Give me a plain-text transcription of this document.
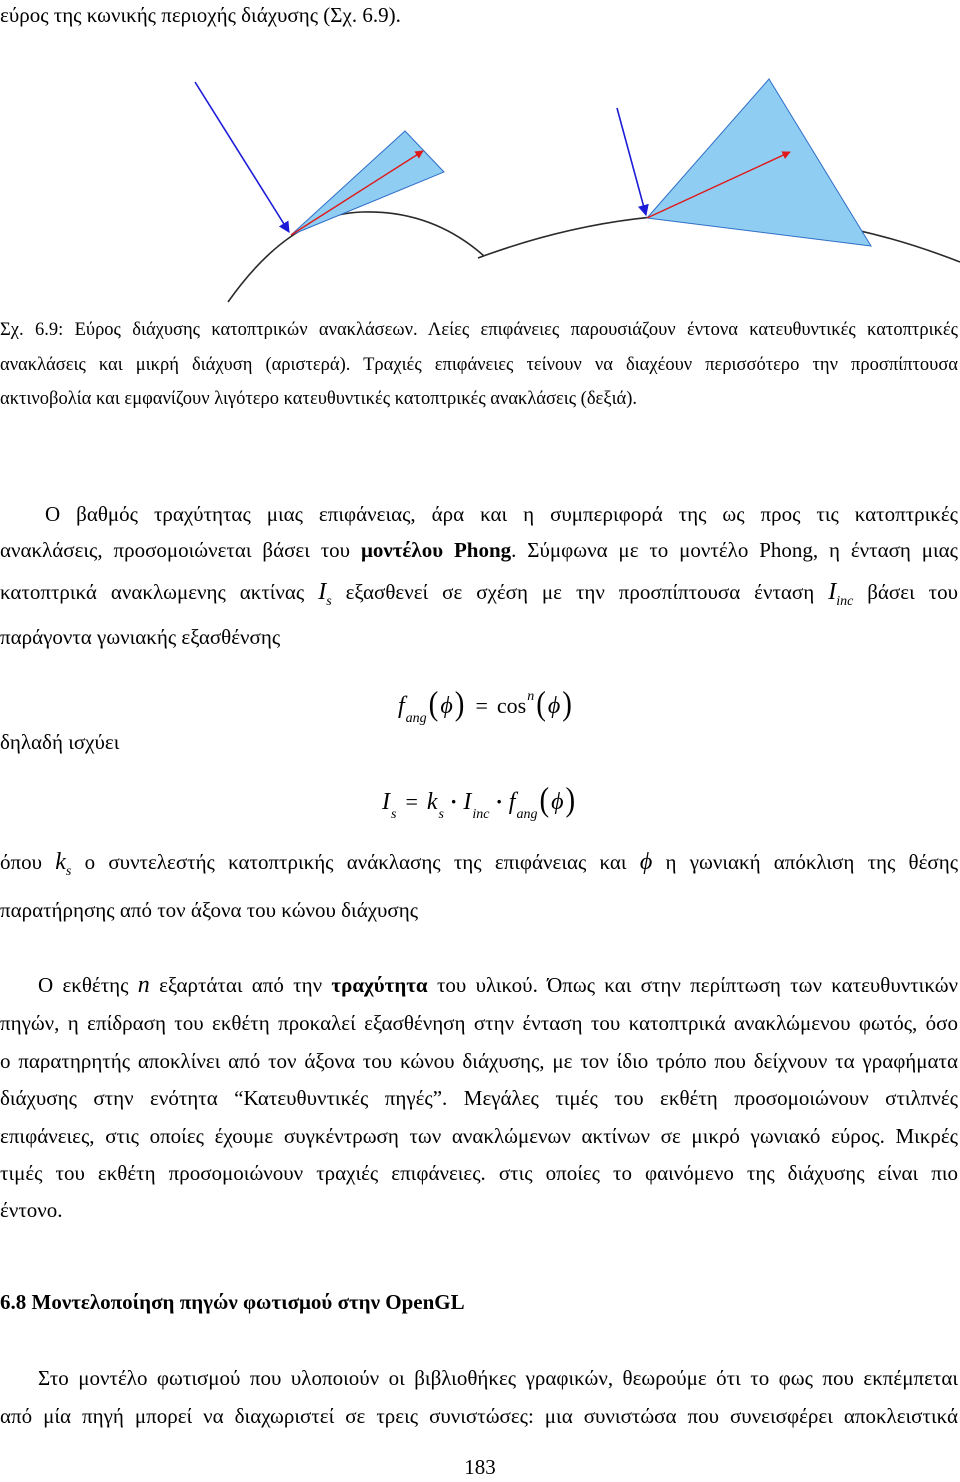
εύρος της κωνικής περιοχής διάχυσης (Σχ. 6.9).
Σχ. 6.9: Εύρος διάχυσης κατοπτρικών ανακλάσεων. Λείες επιφάνειες παρουσιάζουν έντονα κατευθυντικές κατοπτρικές
ανακλάσεις και μικρή διάχυση (αριστερά). Τραχιές επιφάνειες τείνουν να διαχέουν περισσότερο την προσπίπτουσα
ακτινοβολία και εμφανίζουν λιγότερο κατευθυντικές κατοπτρικές ανακλάσεις (δεξιά).
Ο βαθμός τραχύτητας μιας επιφάνειας, άρα και η συμπεριφορά της ως προς τις κατοπτρικές
ανακλάσεις, προσομοιώνεται βάσει του μοντέλου Phong. Σύμφωνα με το μοντέλο Phong, η ένταση μιας
κατοπτρικά ανακλωμενης ακτίνας $I_s$ εξασθενεί σε σχέση με την προσπίπτουσα ένταση $I_{inc}$ βάσει του
παράγοντα γωνιακής εξασθένσης
$f_{ang}(\phi) = \cos^n(\phi)$
δηλαδή ισχύει
$I_s= k_s\cdot I_{inc}\cdot f_{ang}(\phi)$
όπου $k_s$ ο συντελεστής κατοπτρικής ανάκλασης της επιφάνειας και ϕ η γωνιακή απόκλιση της θέσης
παρατήρησης από τον άξονα του κώνου διάχυσης
Ο εκθέτης n εξαρτάται από την τραχύτητα του υλικού. Όπως και στην περίπτωση των κατευθυντικών
πηγών, η επίδραση του εκθέτη προκαλεί εξασθένηση στην ένταση του κατοπτρικά ανακλώμενου φωτός, όσο
ο παρατηρητής αποκλίνει από τον άξονα του κώνου διάχυσης, με τον ίδιο τρόπο που δείχνουν τα γραφήματα
διάχυσης στην ενότητα “Κατευθυντικές πηγές”. Μεγάλες τιμές του εκθέτη προσομοιώνουν στιλπνές
επιφάνειες, στις οποίες έχουμε συγκέντρωση των ανακλώμενων ακτίνων σε μικρό γωνιακό εύρος. Μικρές
τιμές του εκθέτη προσομοιώνουν τραχιές επιφάνειες. στις οποίες το φαινόμενο της διάχυσης είναι πιο
έντονο.
6.8 Μοντελοποίηση πηγών φωτισμού στην OpenGL
Στο μοντέλο φωτισμού που υλοποιούν οι βιβλιοθήκες γραφικών, θεωρούμε ότι το φως που εκπέμπεται
από μία πηγή μπορεί να διαχωριστεί σε τρεις συνιστώσες: μια συνιστώσα που συνεισφέρει αποκλειστικά
183
